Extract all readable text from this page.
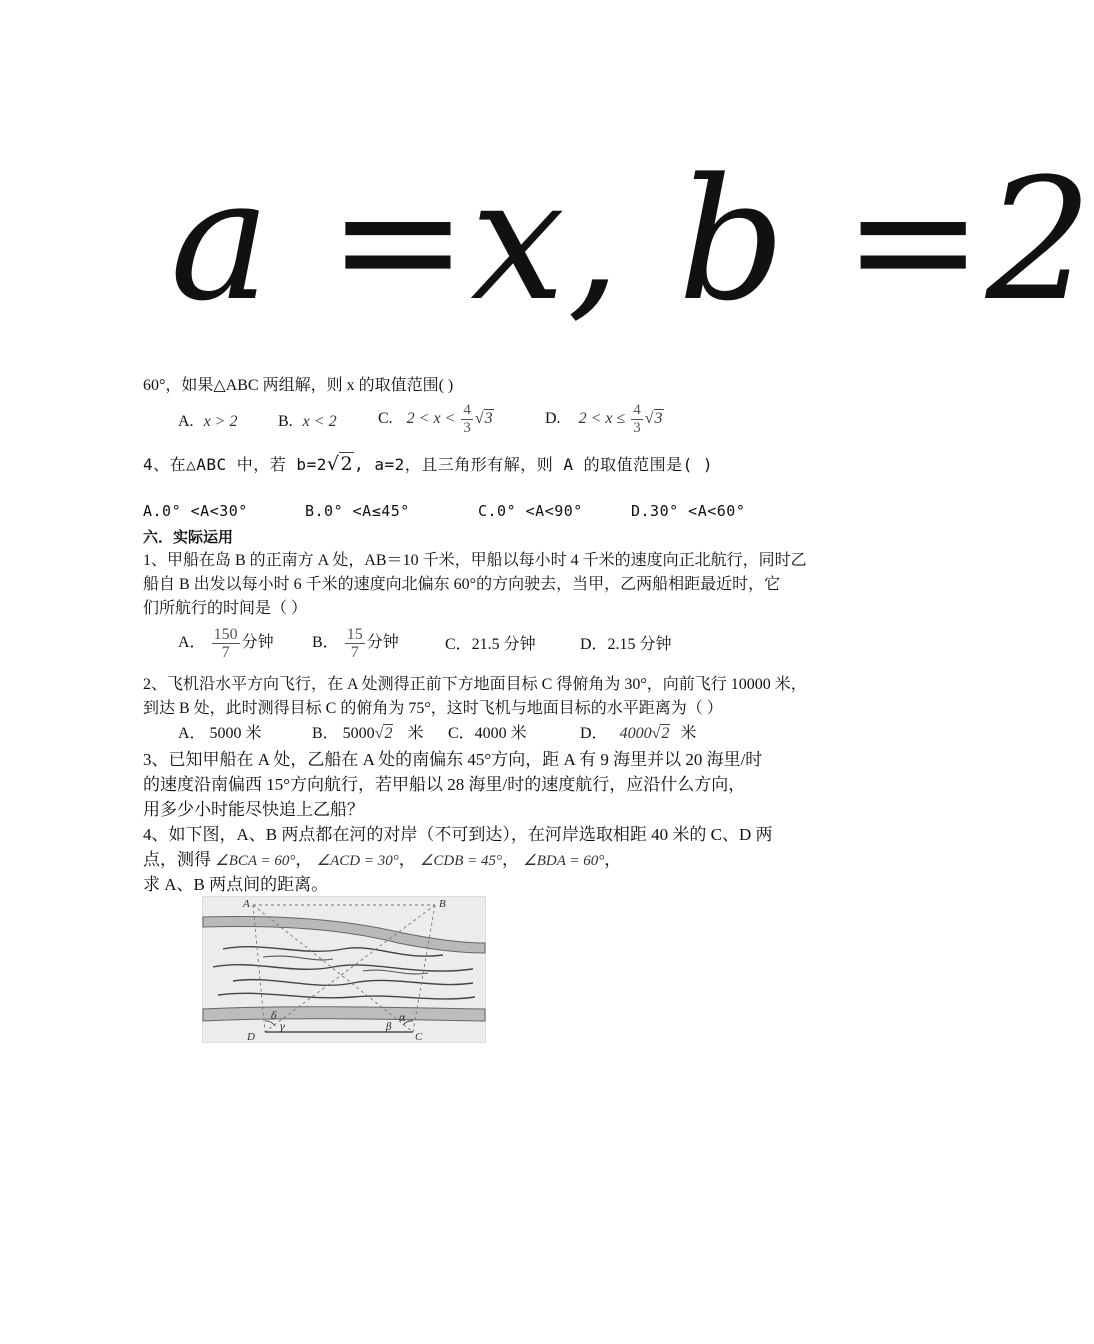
a =x, b =2
60°，如果△ABC 两组解，则 x 的取值范围( )
A. x > 2	B. x < 2	C. $2 < x < \frac{4}{3} √3$	D. $2 < x \le \frac{4}{3} √3$
4、在△ABC 中，若 b=2√2, a=2，且三角形有解，则 A 的取值范围是( )
A.0° <A<30°	B.0° <A≤45°	C.0° <A<90°	D.30° <A<60°
六．实际运用
1、甲船在岛 B 的正南方 A 处，AB＝10 千米，甲船以每小时 4 千米的速度向正北航行，同时乙
船自 B 出发以每小时 6 千米的速度向北偏东 60°的方向驶去，当甲，乙两船相距最近时，它
们所航行的时间是（ ）
A． $\frac{150}{7}$ 分钟 B． $\frac{15}{7}$ 分钟	C．21.5 分钟	D．2.15 分钟
2、飞机沿水平方向飞行，在 A 处测得正前下方地面目标 C 得俯角为 30°，向前飞行 10000 米，
到达 B 处，此时测得目标 C 的俯角为 75°，这时飞机与地面目标的水平距离为（ ）
A． 5000 米	B． 5000√2 米 C．4000 米	D． 4000√2 米
3、已知甲船在 A 处，乙船在 A 处的南偏东 45°方向，距 A 有 9 海里并以 20 海里/时
的速度沿南偏西 15°方向航行，若甲船以 28 海里/时的速度航行，应沿什么方向，
用多少小时能尽快追上乙船？
4、如下图，A、B 两点都在河的对岸（不可到达），在河岸选取相距 40 米的 C、D 两
点，测得 ∠BCA = 60°， ∠ACD = 30°， ∠CDB = 45°， ∠BDA = 60°，
求 A、B 两点间的距离。
A	B
D	C
δ
γ	β
α
